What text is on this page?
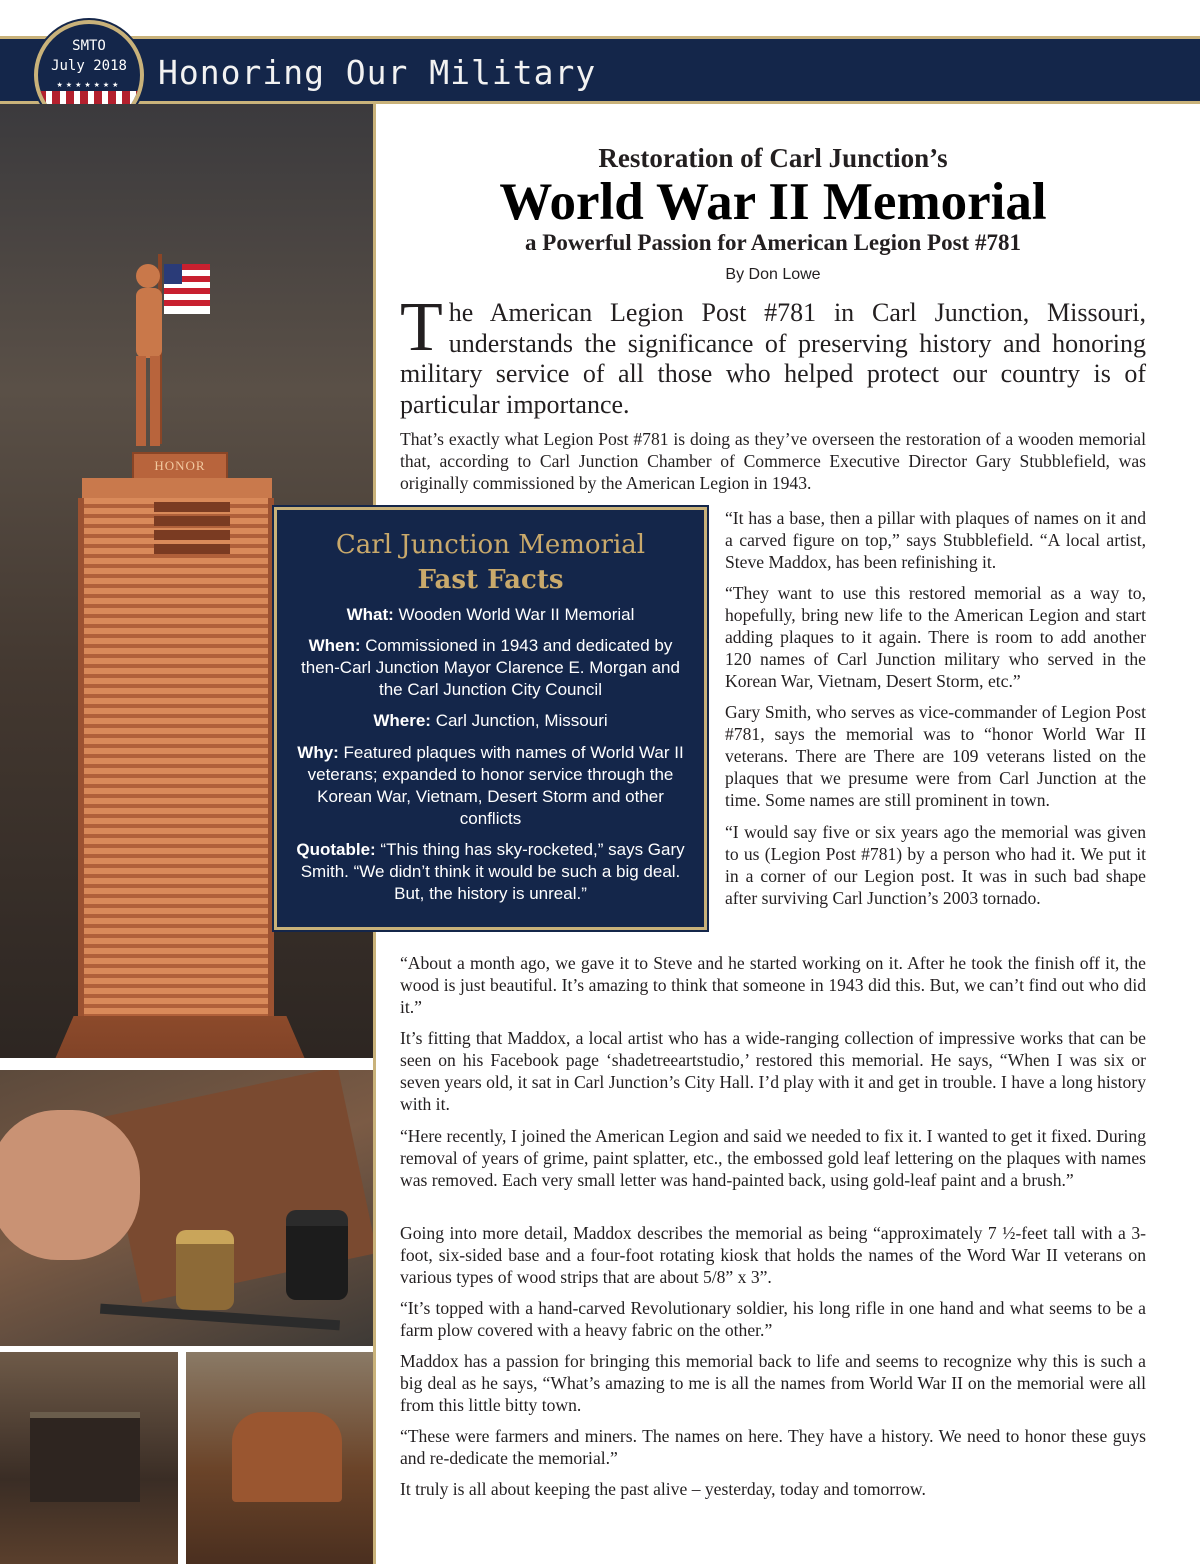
Honoring Our Military
SMTO
July 2018
★★★★★★★
HONOR
Restoration of Carl Junction’s
World War II Memorial
a Powerful Passion for American Legion Post #781
By Don Lowe
The American Legion Post #781 in Carl Junction, Missouri, understands the significance of preserving history and honoring military service of all those who helped protect our country is of particular importance.
That’s exactly what Legion Post #781 is doing as they’ve overseen the restoration of a wooden memorial that, according to Carl Junction Chamber of Commerce Executive Director Gary Stubblefield, was originally commissioned by the American Legion in 1943.
“It has a base, then a pillar with plaques of names on it and a carved figure on top,” says Stubblefield. “A local artist, Steve Maddox, has been refinishing it.
“They want to use this restored memorial as a way to, hopefully, bring new life to the American Legion and start adding plaques to it again. There is room to add another 120 names of Carl Junction military who served in the Korean War, Vietnam, Desert Storm, etc.”
Gary Smith, who serves as vice-commander of Legion Post #781, says the memorial was to “honor World War II veterans. There are There are 109 veterans listed on the plaques that we presume were from Carl Junction at the time. Some names are still prominent in town.
“I would say five or six years ago the memorial was given to us (Legion Post #781) by a person who had it. We put it in a corner of our Legion post. It was in such bad shape after surviving Carl Junction’s 2003 tornado.
“About a month ago, we gave it to Steve and he started working on it. After he took the finish off it, the wood is just beautiful. It’s amazing to think that someone in 1943 did this. But, we can’t find out who did it.”
It’s fitting that Maddox, a local artist who has a wide-ranging collection of impressive works that can be seen on his Facebook page ‘shadetreeartstudio,’ restored this memorial. He says, “When I was six or seven years old, it sat in Carl Junction’s City Hall. I’d play with it and get in trouble. I have a long history with it.
“Here recently, I joined the American Legion and said we needed to fix it. I wanted to get it fixed. During removal of years of grime, paint splatter, etc., the embossed gold leaf lettering on the plaques with names was removed. Each very small letter was hand-painted back, using gold-leaf paint and a brush.”
Going into more detail, Maddox describes the memorial as being “approximately 7 ½-feet tall with a 3-foot, six-sided base and a four-foot rotating kiosk that holds the names of the Word War II veterans on various types of wood strips that are about 5/8” x 3”.
“It’s topped with a hand-carved Revolutionary soldier, his long rifle in one hand and what seems to be a farm plow covered with a heavy fabric on the other.”
Maddox has a passion for bringing this memorial back to life and seems to recognize why this is such a big deal as he says, “What’s amazing to me is all the names from World War II on the memorial were all from this little bitty town.
“These were farmers and miners. The names on here. They have a history. We need to honor these guys and re-dedicate the memorial.”
It truly is all about keeping the past alive – yesterday, today and tomorrow.
Carl Junction Memorial
Fast Facts
What: Wooden World War II Memorial
When: Commissioned in 1943 and dedicated by then-Carl Junction Mayor Clarence E. Morgan and the Carl Junction City Council
Where: Carl Junction, Missouri
Why: Featured plaques with names of World War II veterans; expanded to honor service through the Korean War, Vietnam, Desert Storm and other conflicts
Quotable: “This thing has sky-rocketed,” says Gary Smith. “We didn’t think it would be such a big deal. But, the history is unreal.”
